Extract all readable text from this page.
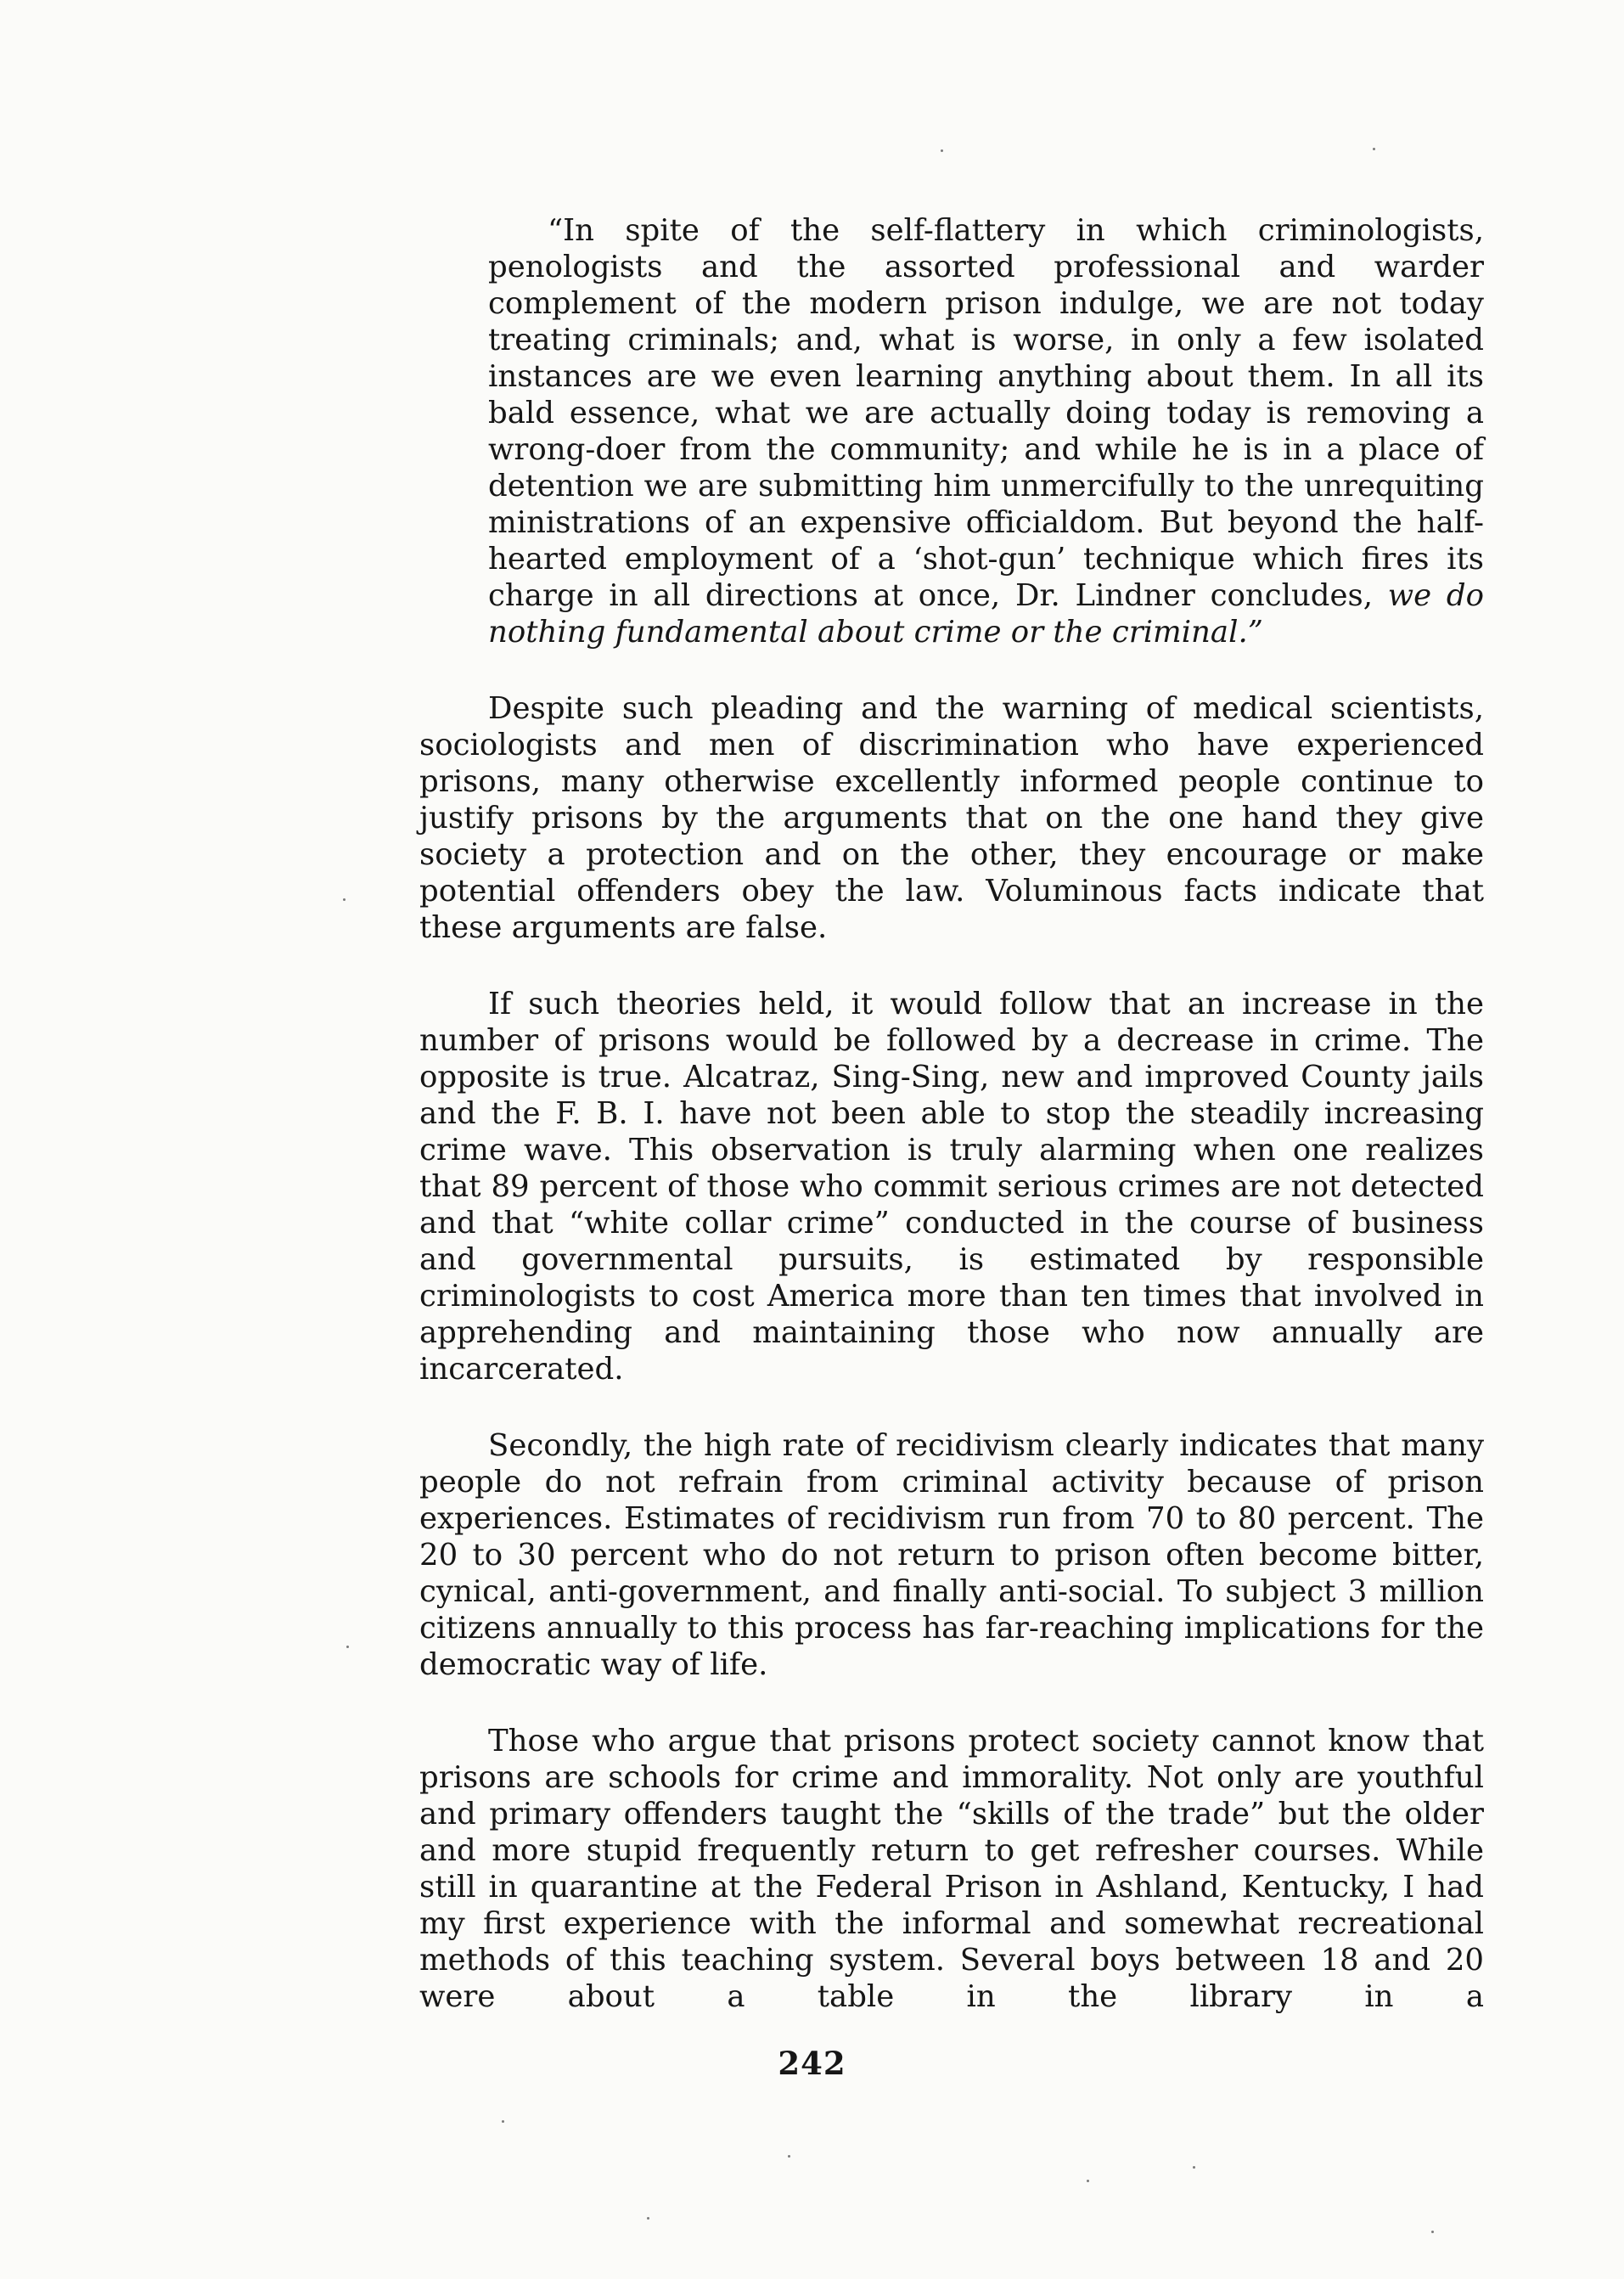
“In spite of the self-flattery in which criminologists, penologists and the assorted professional and warder complement of the modern prison indulge, we are not today treating criminals; and, what is worse, in only a few isolated instances are we even learning anything about them. In all its bald essence, what we are actually doing today is removing a wrong-doer from the community; and while he is in a place of detention we are submitting him unmercifully to the unrequiting ministrations of an expensive officialdom. But beyond the half-hearted employment of a ‘shot-gun’ technique which fires its charge in all directions at once, Dr. Lindner concludes, we do nothing fundamental about crime or the criminal.”

Despite such pleading and the warning of medical scientists, sociologists and men of discrimination who have experienced prisons, many otherwise excellently informed people continue to justify prisons by the arguments that on the one hand they give society a protection and on the other, they encourage or make potential offenders obey the law. Voluminous facts indicate that these arguments are false.

If such theories held, it would follow that an increase in the number of prisons would be followed by a decrease in crime. The opposite is true. Alcatraz, Sing-Sing, new and improved County jails and the F. B. I. have not been able to stop the steadily increasing crime wave. This observation is truly alarming when one realizes that 89 percent of those who commit serious crimes are not detected and that “white collar crime” conducted in the course of business and governmental pursuits, is estimated by responsible criminologists to cost America more than ten times that involved in apprehending and maintaining those who now annually are incarcerated.

Secondly, the high rate of recidivism clearly indicates that many people do not refrain from criminal activity because of prison experiences. Estimates of recidivism run from 70 to 80 percent. The 20 to 30 percent who do not return to prison often become bitter, cynical, anti-government, and finally anti-social. To subject 3 million citizens annually to this process has far-reaching implications for the democratic way of life.

Those who argue that prisons protect society cannot know that prisons are schools for crime and immorality. Not only are youthful and primary offenders taught the “skills of the trade” but the older and more stupid frequently return to get refresher courses. While still in quarantine at the Federal Prison in Ashland, Kentucky, I had my first experience with the informal and somewhat recreational methods of this teaching system. Several boys between 18 and 20 were about a table in the library in a

242
